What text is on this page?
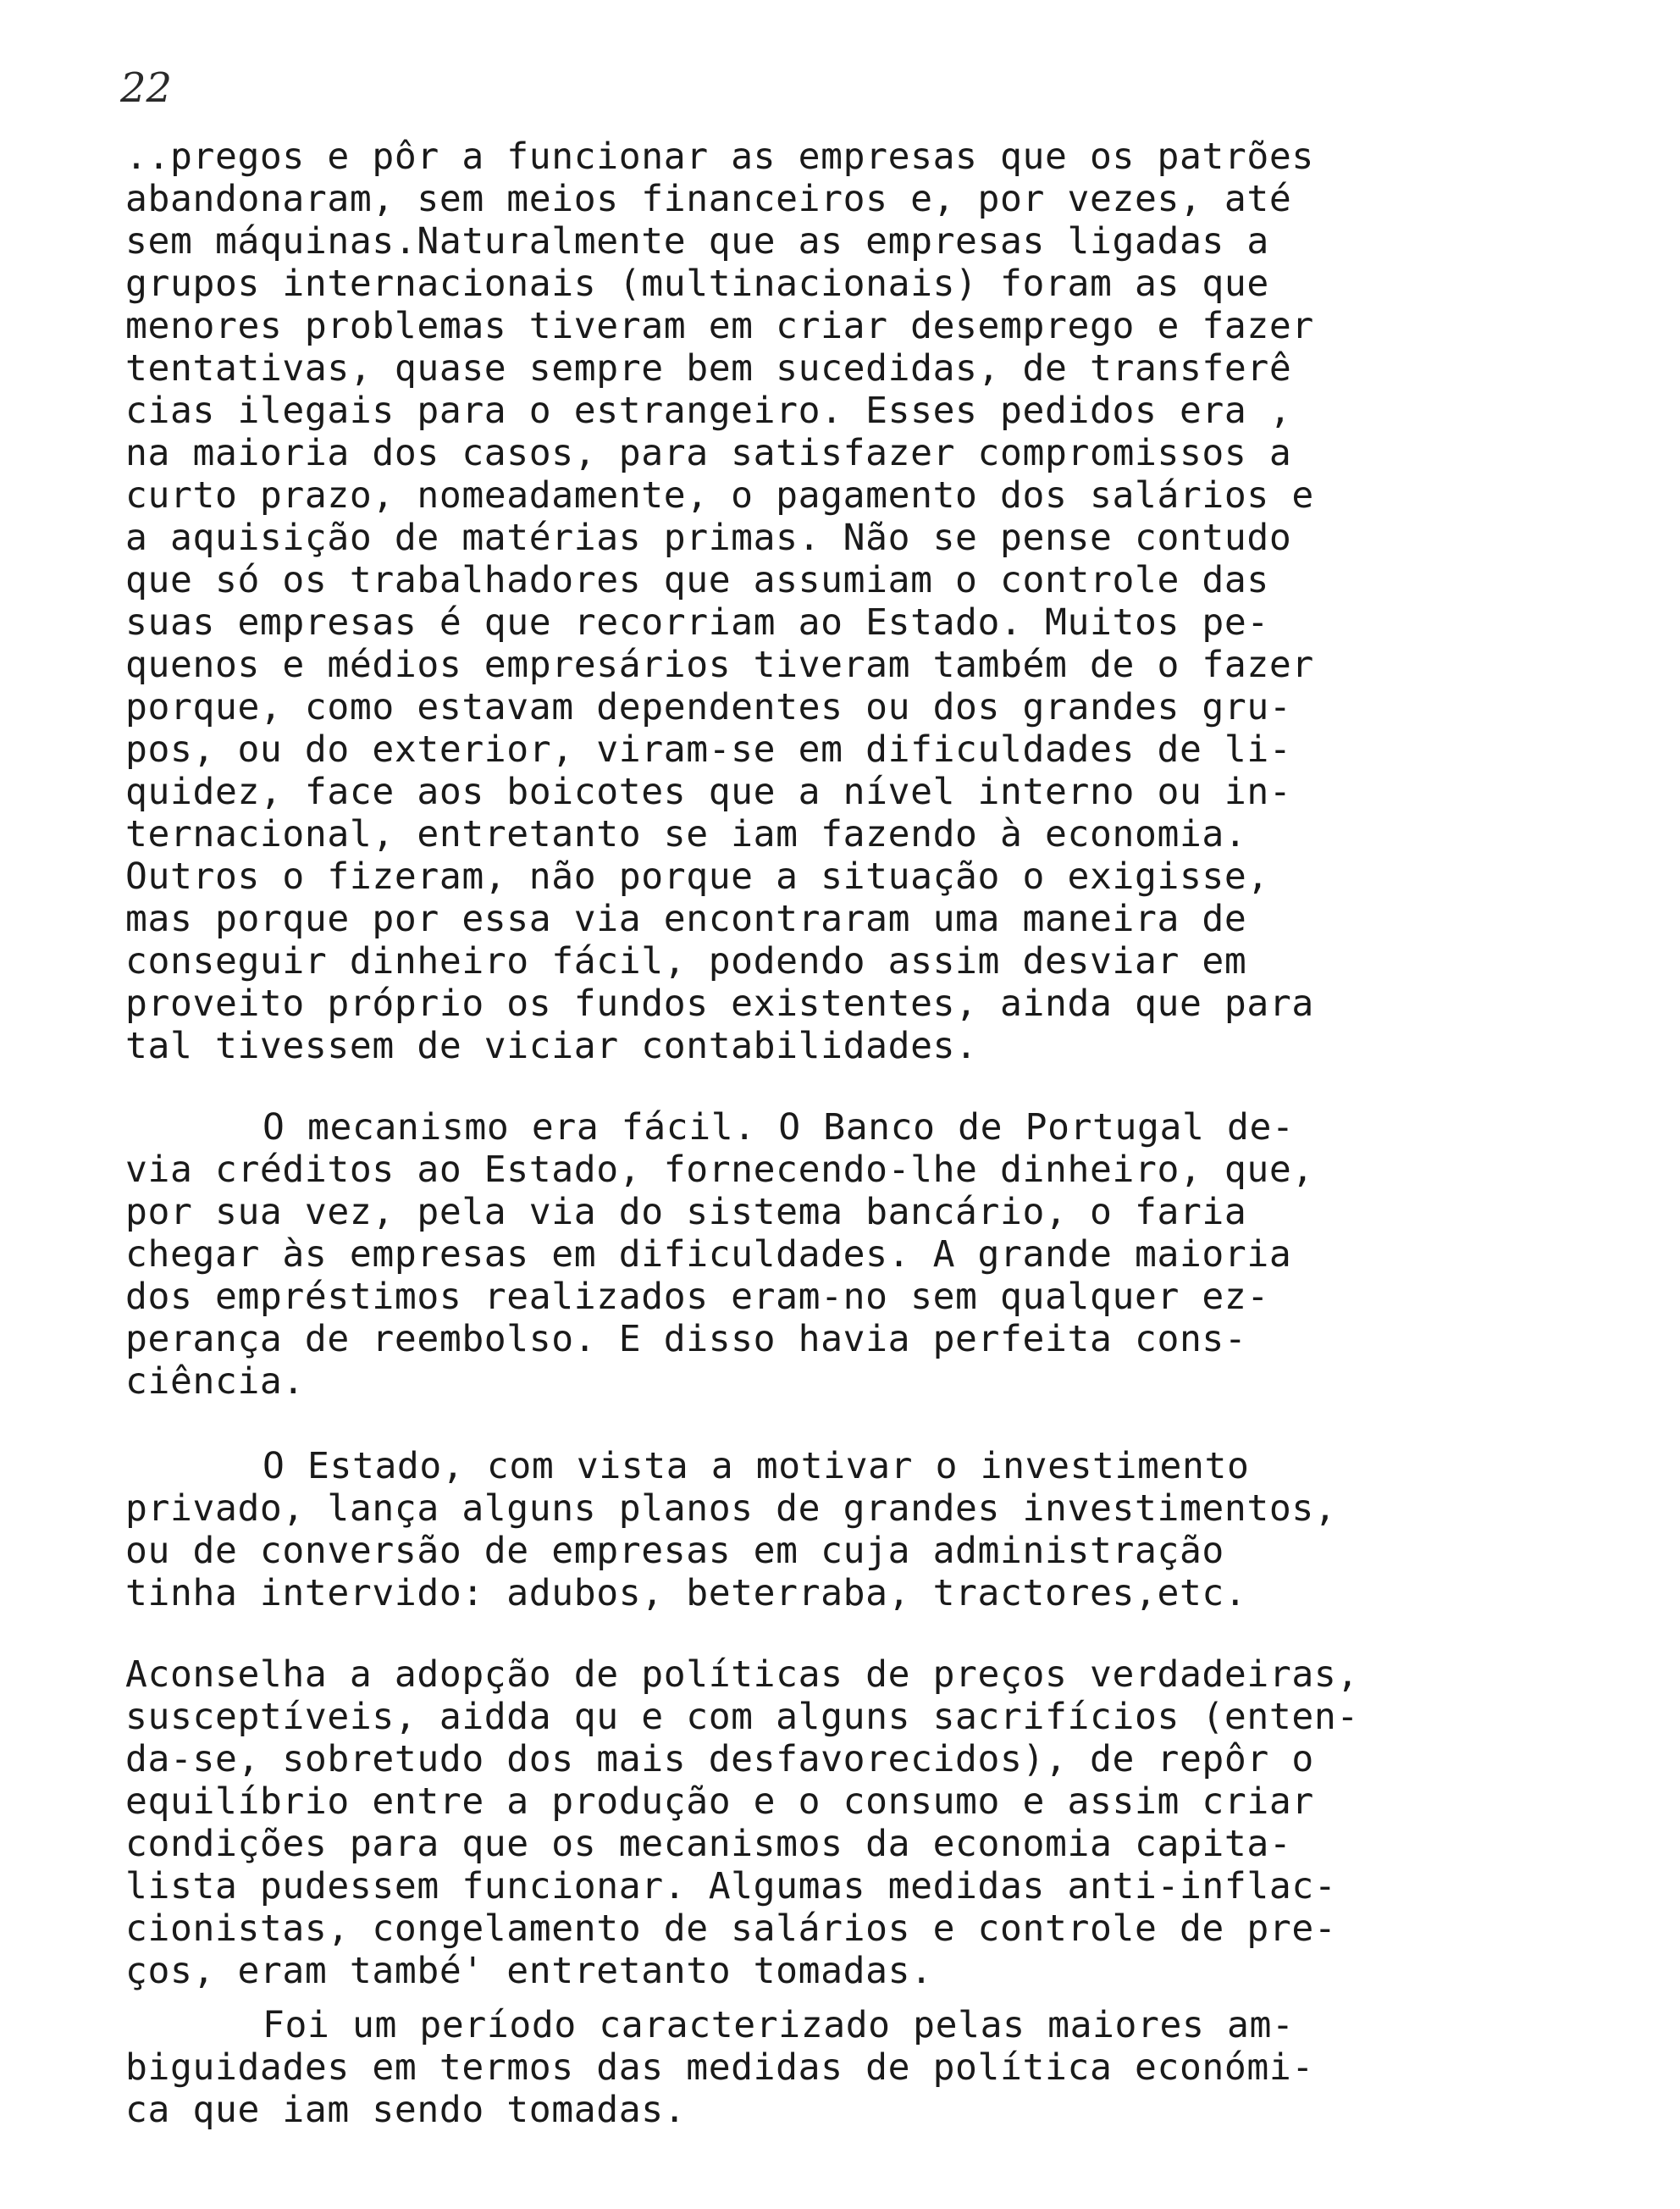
22
..pregos e pôr a funcionar as empresas que os patrões
abandonaram, sem meios financeiros e, por vezes, até
sem máquinas.Naturalmente que as empresas ligadas a
grupos internacionais (multinacionais) foram as que
menores problemas tiveram em criar desemprego e fazer
tentativas, quase sempre bem sucedidas, de transferê
cias ilegais para o estrangeiro. Esses pedidos era ,
na maioria dos casos, para satisfazer compromissos a
curto prazo, nomeadamente, o pagamento dos salários e
a aquisição de matérias primas. Não se pense contudo
que só os trabalhadores que assumiam o controle das
suas empresas é que recorriam ao Estado. Muitos pe-
quenos e médios empresários tiveram também de o fazer
porque, como estavam dependentes ou dos grandes gru-
pos, ou do exterior, viram-se em dificuldades de li-
quidez, face aos boicotes que a nível interno ou in-
ternacional, entretanto se iam fazendo à economia.
Outros o fizeram, não porque a situação o exigisse,
mas porque por essa via encontraram uma maneira de
conseguir dinheiro fácil, podendo assim desviar em
proveito próprio os fundos existentes, ainda que para
tal tivessem de viciar contabilidades.
O mecanismo era fácil. O Banco de Portugal de-
via créditos ao Estado, fornecendo-lhe dinheiro, que,
por sua vez, pela via do sistema bancário, o faria
chegar às empresas em dificuldades. A grande maioria
dos empréstimos realizados eram-no sem qualquer ez-
perança de reembolso. E disso havia perfeita cons-
ciência.
O Estado, com vista a motivar o investimento
privado, lança alguns planos de grandes investimentos,
ou de conversão de empresas em cuja administração
tinha intervido: adubos, beterraba, tractores,etc.
Aconselha a adopção de políticas de preços verdadeiras,
susceptíveis, aidda qu e com alguns sacrifícios (enten-
da-se, sobretudo dos mais desfavorecidos), de repôr o
equilíbrio entre a produção e o consumo e assim criar
condições para que os mecanismos da economia capita-
lista pudessem funcionar. Algumas medidas anti-inflac-
cionistas, congelamento de salários e controle de pre-
ços, eram també' entretanto tomadas.
Foi um período caracterizado pelas maiores am-
biguidades em termos das medidas de política económi-
ca que iam sendo tomadas.
